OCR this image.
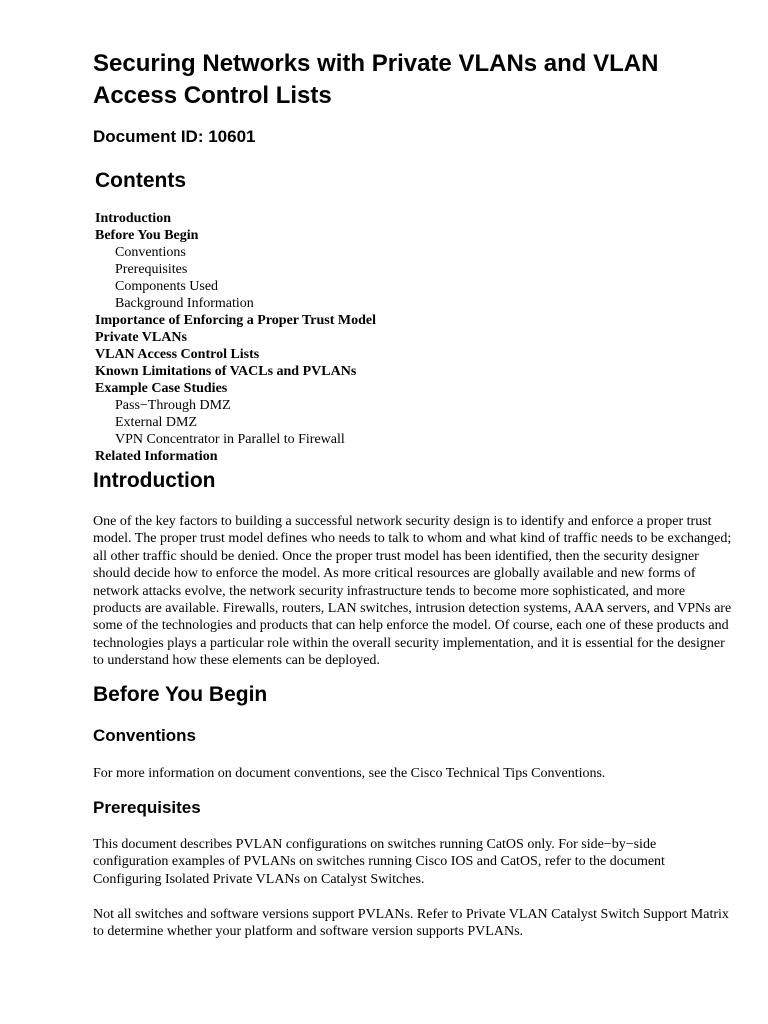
Securing Networks with Private VLANs and VLAN Access Control Lists
Document ID: 10601
Contents
Introduction
Before You Begin
Conventions
Prerequisites
Components Used
Background Information
Importance of Enforcing a Proper Trust Model
Private VLANs
VLAN Access Control Lists
Known Limitations of VACLs and PVLANs
Example Case Studies
Pass−Through DMZ
External DMZ
VPN Concentrator in Parallel to Firewall
Related Information
Introduction

One of the key factors to building a successful network security design is to identify and enforce a proper trust model. The proper trust model defines who needs to talk to whom and what kind of traffic needs to be exchanged; all other traffic should be denied. Once the proper trust model has been identified, then the security designer should decide how to enforce the model. As more critical resources are globally available and new forms of network attacks evolve, the network security infrastructure tends to become more sophisticated, and more products are available. Firewalls, routers, LAN switches, intrusion detection systems, AAA servers, and VPNs are some of the technologies and products that can help enforce the model. Of course, each one of these products and technologies plays a particular role within the overall security implementation, and it is essential for the designer to understand how these elements can be deployed.

Before You Begin
Conventions

For more information on document conventions, see the Cisco Technical Tips Conventions.

Prerequisites

This document describes PVLAN configurations on switches running CatOS only. For side−by−side configuration examples of PVLANs on switches running Cisco IOS and CatOS, refer to the document Configuring Isolated Private VLANs on Catalyst Switches.

Not all switches and software versions support PVLANs. Refer to Private VLAN Catalyst Switch Support Matrix to determine whether your platform and software version supports PVLANs.
